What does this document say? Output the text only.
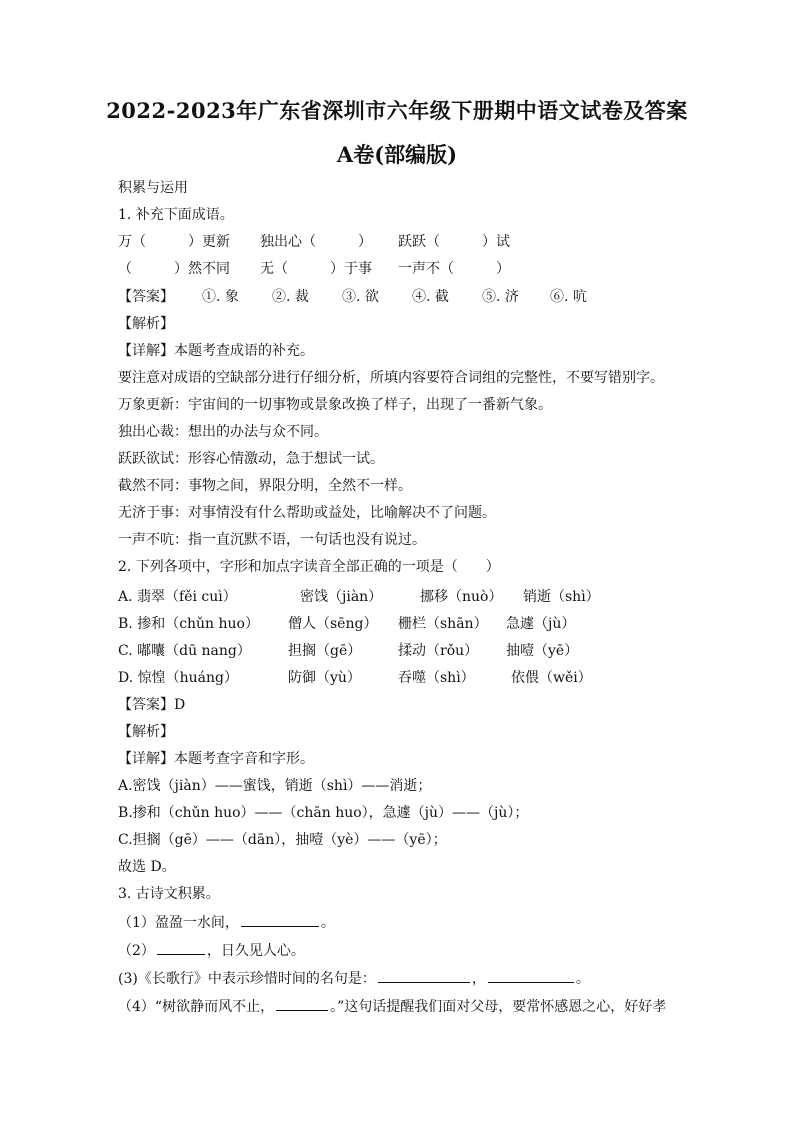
2022-2023年广东省深圳市六年级下册期中语文试卷及答案
A卷(部编版)
积累与运用
1. 补充下面成语。
万（　　　）更新	独出心（　　　）	跃跃（　　　）试
（　　　）然不同	无（　　　）于事	一声不（　　　）
【答案】	①. 象	②. 裁	③. 欲	④. 截	⑤. 济	⑥. 吭
【解析】
【详解】本题考查成语的补充。
要注意对成语的空缺部分进行仔细分析，所填内容要符合词组的完整性，不要写错别字。
万象更新：宇宙间的一切事物或景象改换了样子，出现了一番新气象。
独出心裁：想出的办法与众不同。
跃跃欲试：形容心情激动，急于想试一试。
截然不同：事物之间，界限分明，全然不一样。
无济于事：对事情没有什么帮助或益处，比喻解决不了问题。
一声不吭：指一直沉默不语，一句话也没有说过。
2. 下列各项中，字形和加点字读音全部正确的一项是（　　）
A. 翡翠（fěi cuì）	密饯（jiàn）	挪移（nuò）	销逝（shì）
B. 掺和（chǔn huo）	僧人（sēng）	栅栏（shān）	急遽（jù）
C. 嘟囔（dū nang）	担搁（gē）	揉动（rǒu）	抽噎（yē）
D. 惊惶（huáng）	防御（yù）	吞噬（shì）	依偎（wěi）
【答案】D
【解析】
【详解】本题考查字音和字形。
A.密饯（jiàn）——蜜饯，销逝（shì）——消逝；
B.掺和（chǔn huo）——（chān huo），急遽（jù）——（jù）；
C.担搁（gē）——（dān），抽噎（yè）——（yē）；
故选 D。
3. 古诗文积累。
（1）盈盈一水间，	。
（2）	，日久见人心。
(3)《长歌行》中表示珍惜时间的名句是：	，	。
（4）“树欲静而风不止，	。”这句话提醒我们面对父母，要常怀感恩之心，好好孝
